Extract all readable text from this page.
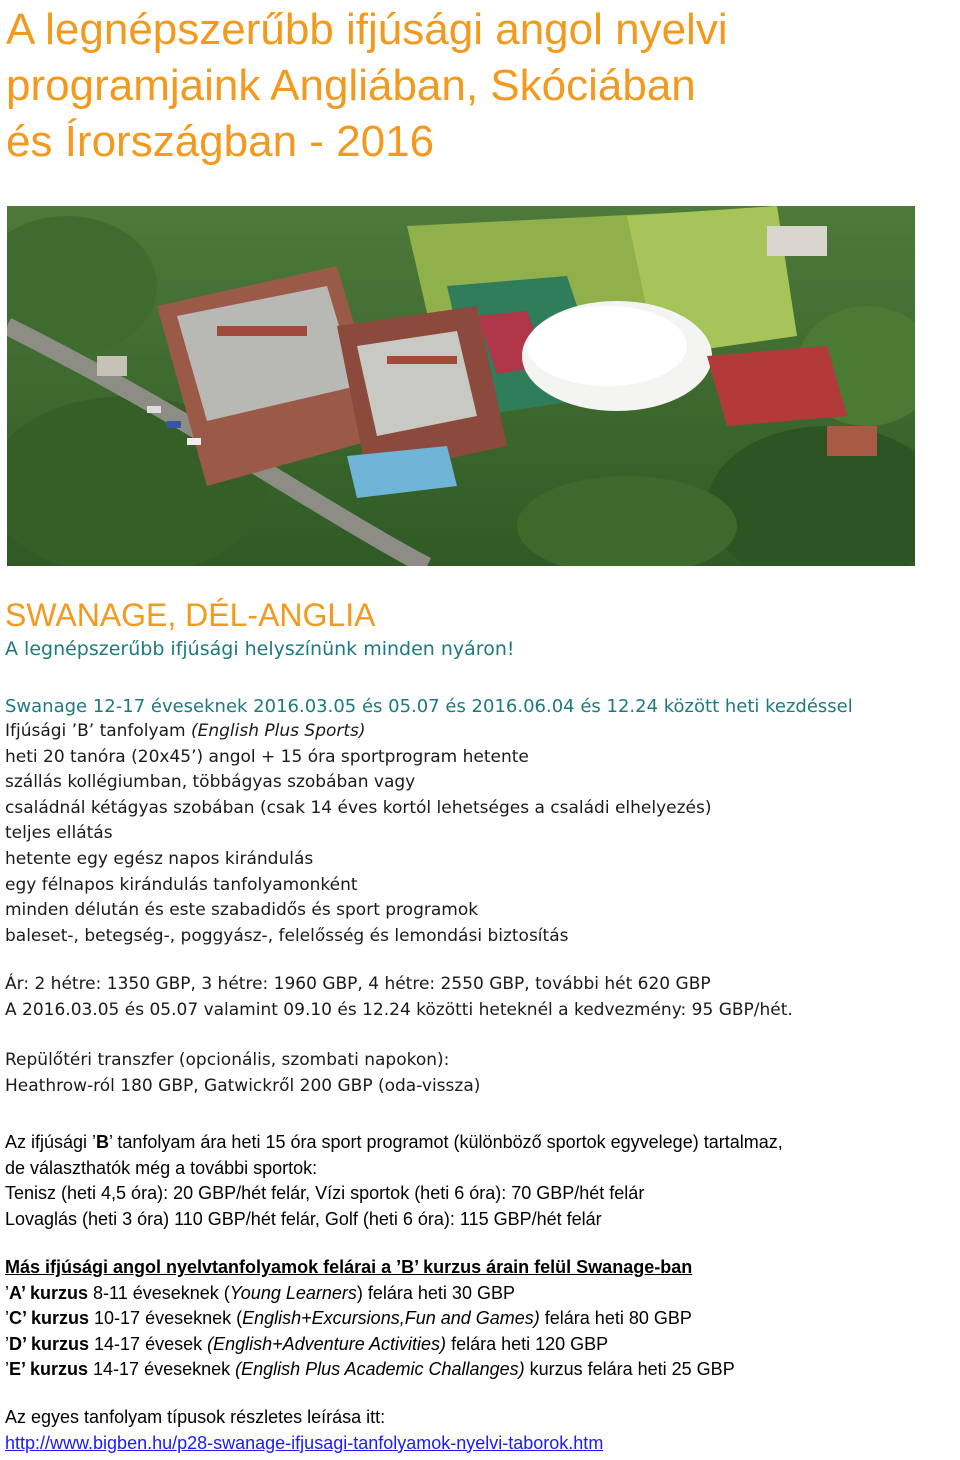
A legnépszerűbb ifjúsági angol nyelvi
programjaink Angliában, Skóciában
és Írországban - 2016
SWANAGE, DÉL-ANGLIA
A legnépszerűbb ifjúsági helyszínünk minden nyáron!
Swanage 12-17 éveseknek 2016.03.05 és 05.07 és 2016.06.04 és 12.24 között heti kezdéssel
Ifjúsági ’B’ tanfolyam (English Plus Sports)
heti 20 tanóra (20x45’) angol + 15 óra sportprogram hetente
szállás kollégiumban, többágyas szobában vagy
családnál kétágyas szobában (csak 14 éves kortól lehetséges a családi elhelyezés)
teljes ellátás
hetente egy egész napos kirándulás
egy félnapos kirándulás tanfolyamonként
minden délután és este szabadidős és sport programok
baleset-, betegség-, poggyász-, felelősség és lemondási biztosítás
Ár: 2 hétre: 1350 GBP, 3 hétre: 1960 GBP, 4 hétre: 2550 GBP, további hét 620 GBP
A 2016.03.05 és 05.07 valamint 09.10 és 12.24 közötti heteknél a kedvezmény: 95 GBP/hét.
Repülőtéri transzfer (opcionális, szombati napokon):
Heathrow-ról 180 GBP, Gatwickről 200 GBP (oda-vissza)
Az ifjúsági ’B’ tanfolyam ára heti 15 óra sport programot (különböző sportok egyvelege) tartalmaz,
de választhatók még a további sportok:
Tenisz (heti 4,5 óra): 20 GBP/hét felár, Vízi sportok (heti 6 óra): 70 GBP/hét felár
Lovaglás (heti 3 óra) 110 GBP/hét felár, Golf (heti 6 óra): 115 GBP/hét felár
Más ifjúsági angol nyelvtanfolyamok felárai a ’B’ kurzus árain felül Swanage-ban
’A’ kurzus 8-11 éveseknek (Young Learners) felára heti 30 GBP
’C’ kurzus 10-17 éveseknek (English+Excursions,Fun and Games) felára heti 80 GBP
’D’ kurzus 14-17 évesek (English+Adventure Activities) felára heti 120 GBP
’E’ kurzus 14-17 éveseknek (English Plus Academic Challanges) kurzus felára heti 25 GBP
Az egyes tanfolyam típusok részletes leírása itt:
http://www.bigben.hu/p28-swanage-ifjusagi-tanfolyamok-nyelvi-taborok.htm
